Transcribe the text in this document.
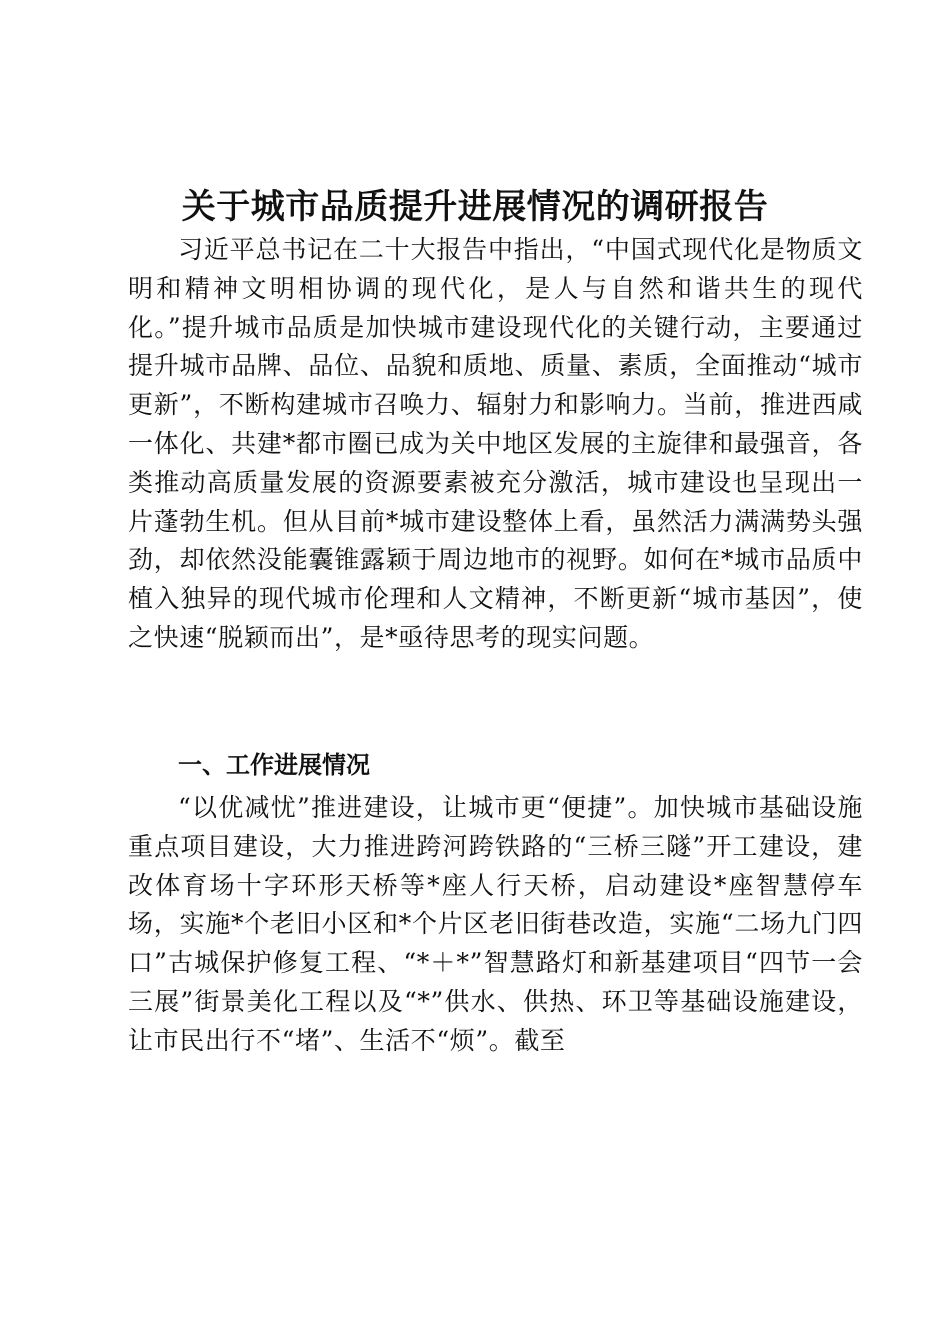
关于城市品质提升进展情况的调研报告

习近平总书记在二十大报告中指出，“中国式现代化是物质文明和精神文明相协调的现代化，是人与自然和谐共生的现代化。”提升城市品质是加快城市建设现代化的关键行动，主要通过提升城市品牌、品位、品貌和质地、质量、素质，全面推动“城市更新”，不断构建城市召唤力、辐射力和影响力。当前，推进西咸一体化、共建*都市圈已成为关中地区发展的主旋律和最强音，各类推动高质量发展的资源要素被充分激活，城市建设也呈现出一片蓬勃生机。但从目前*城市建设整体上看，虽然活力满满势头强劲，却依然没能囊锥露颖于周边地市的视野。如何在*城市品质中植入独异的现代城市伦理和人文精神，不断更新“城市基因”，使之快速“脱颖而出”，是*亟待思考的现实问题。

一、工作进展情况

“以优减忧”推进建设，让城市更“便捷”。加快城市基础设施重点项目建设，大力推进跨河跨铁路的“三桥三隧”开工建设，建改体育场十字环形天桥等*座人行天桥，启动建设*座智慧停车场，实施*个老旧小区和*个片区老旧街巷改造，实施“二场九门四口”古城保护修复工程、“*＋*”智慧路灯和新基建项目“四节一会三展”街景美化工程以及“*”供水、供热、环卫等基础设施建设，让市民出行不“堵”、生活不“烦”。截至
